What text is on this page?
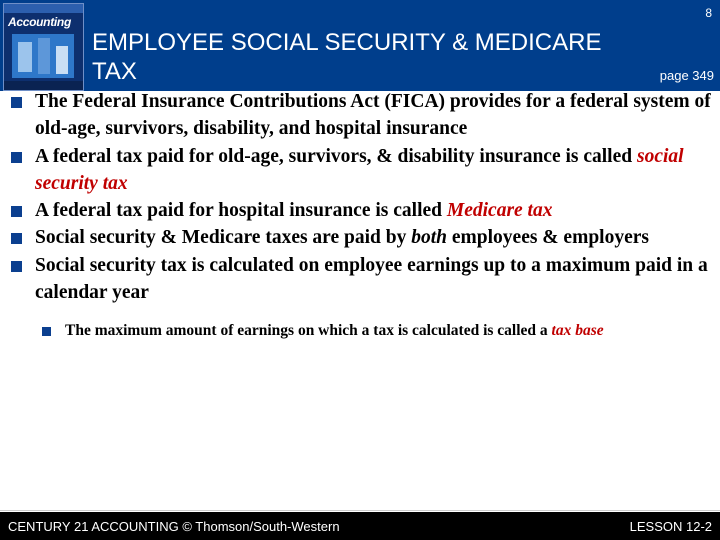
Accounting
EMPLOYEE SOCIAL SECURITY & MEDICARE TAX
8
page 349
The Federal Insurance Contributions Act (FICA) provides for a federal system of old-age, survivors, disability, and hospital insurance
A federal tax paid for old-age, survivors, & disability insurance is called social security tax
A federal tax paid for hospital insurance is called Medicare tax
Social security & Medicare taxes are paid by both employees & employers
Social security tax is calculated on employee earnings up to a maximum paid in a calendar year
The maximum amount of earnings on which a tax is calculated is called a tax base
CENTURY 21 ACCOUNTING © Thomson/South-Western	LESSON 12-2
